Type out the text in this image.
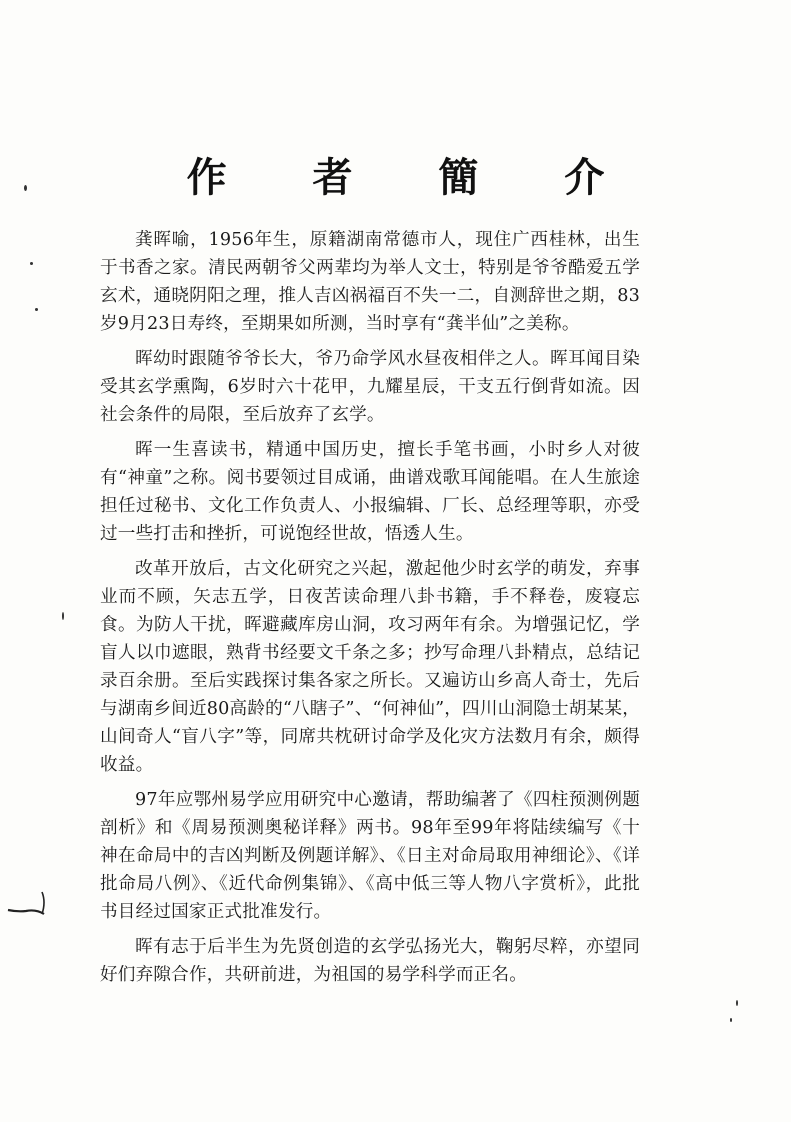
作 者 簡 介

龚晖喻，1956年生，原籍湖南常德市人，现住广西桂林，出生于书香之家。清民两朝爷父两辈均为举人文士，特别是爷爷酷爱五学玄术，通晓阴阳之理，推人吉凶祸福百不失一二，自测辞世之期，83岁9月23日寿终，至期果如所测，当时享有“龚半仙”之美称。

晖幼时跟随爷爷长大，爷乃命学风水昼夜相伴之人。晖耳闻目染受其玄学熏陶，6岁时六十花甲，九耀星辰，干支五行倒背如流。因社会条件的局限，至后放弃了玄学。

晖一生喜读书，精通中国历史，擅长手笔书画，小时乡人对彼有“神童”之称。阅书要领过目成诵，曲谱戏歌耳闻能唱。在人生旅途担任过秘书、文化工作负责人、小报编辑、厂长、总经理等职，亦受过一些打击和挫折，可说饱经世故，悟透人生。

改革开放后，古文化研究之兴起，激起他少时玄学的萌发，弃事业而不顾，矢志五学，日夜苦读命理八卦书籍，手不释卷，废寝忘食。为防人干扰，晖避藏库房山洞，攻习两年有余。为增强记忆，学盲人以巾遮眼，熟背书经要文千条之多；抄写命理八卦精点，总结记录百余册。至后实践探讨集各家之所长。又遍访山乡高人奇士，先后与湖南乡间近80高龄的“八瞎子”、“何神仙”，四川山洞隐士胡某某，山间奇人“盲八字”等，同席共枕研讨命学及化灾方法数月有余，颇得收益。

97年应鄂州易学应用研究中心邀请，帮助编著了《四柱预测例题剖析》和《周易预测奥秘详释》两书。98年至99年将陆续编写《十神在命局中的吉凶判断及例题详解》、《日主对命局取用神细论》、《详批命局八例》、《近代命例集锦》、《高中低三等人物八字赏析》，此批书目经过国家正式批准发行。

晖有志于后半生为先贤创造的玄学弘扬光大，鞠躬尽粹，亦望同好们弃隙合作，共研前进，为祖国的易学科学而正名。
